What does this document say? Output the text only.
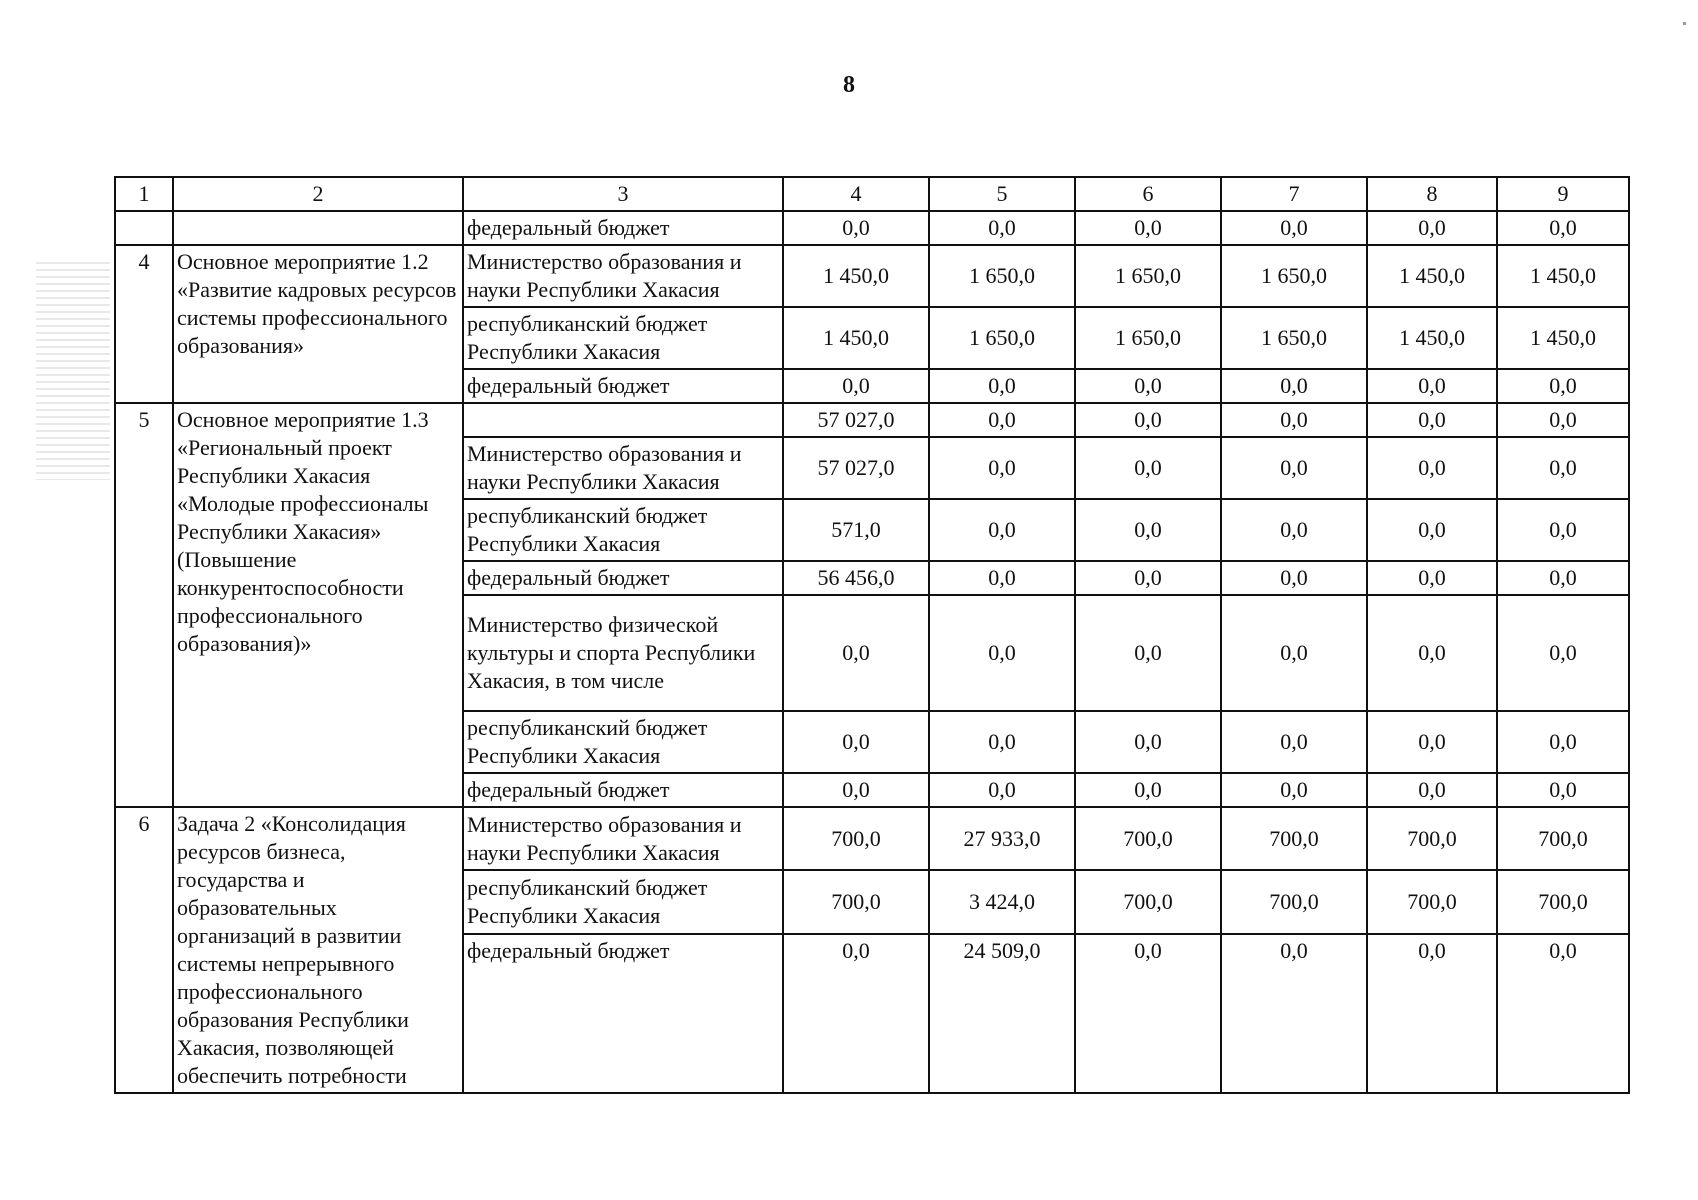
8
1	2	3	4	5	6	7	8	9
		федеральный бюджет	0,0	0,0	0,0	0,0	0,0	0,0
4	Основное мероприятие 1.2 «Развитие кадровых ресурсов системы профессионального образования»	Министерство образования и науки Республики Хакасия	1 450,0	1 650,0	1 650,0	1 650,0	1 450,0	1 450,0
		республиканский бюджет Республики Хакасия	1 450,0	1 650,0	1 650,0	1 650,0	1 450,0	1 450,0
		федеральный бюджет	0,0	0,0	0,0	0,0	0,0	0,0
5	Основное мероприятие 1.3 «Региональный проект Республики Хакасия «Молодые профессионалы Республики Хакасия» (Повышение конкурентоспособности профессионального образования)»		57 027,0	0,0	0,0	0,0	0,0	0,0
		Министерство образования и науки Республики Хакасия	57 027,0	0,0	0,0	0,0	0,0	0,0
		республиканский бюджет Республики Хакасия	571,0	0,0	0,0	0,0	0,0	0,0
		федеральный бюджет	56 456,0	0,0	0,0	0,0	0,0	0,0
		Министерство физической культуры и спорта Республики Хакасия, в том числе	0,0	0,0	0,0	0,0	0,0	0,0
		республиканский бюджет Республики Хакасия	0,0	0,0	0,0	0,0	0,0	0,0
		федеральный бюджет	0,0	0,0	0,0	0,0	0,0	0,0
6	Задача 2 «Консолидация ресурсов бизнеса, государства и образовательных организаций в развитии системы непрерывного профессионального образования Республики Хакасия, позволяющей обеспечить потребности	Министерство образования и науки Республики Хакасия	700,0	27 933,0	700,0	700,0	700,0	700,0
		республиканский бюджет Республики Хакасия	700,0	3 424,0	700,0	700,0	700,0	700,0
		федеральный бюджет	0,0	24 509,0	0,0	0,0	0,0	0,0
